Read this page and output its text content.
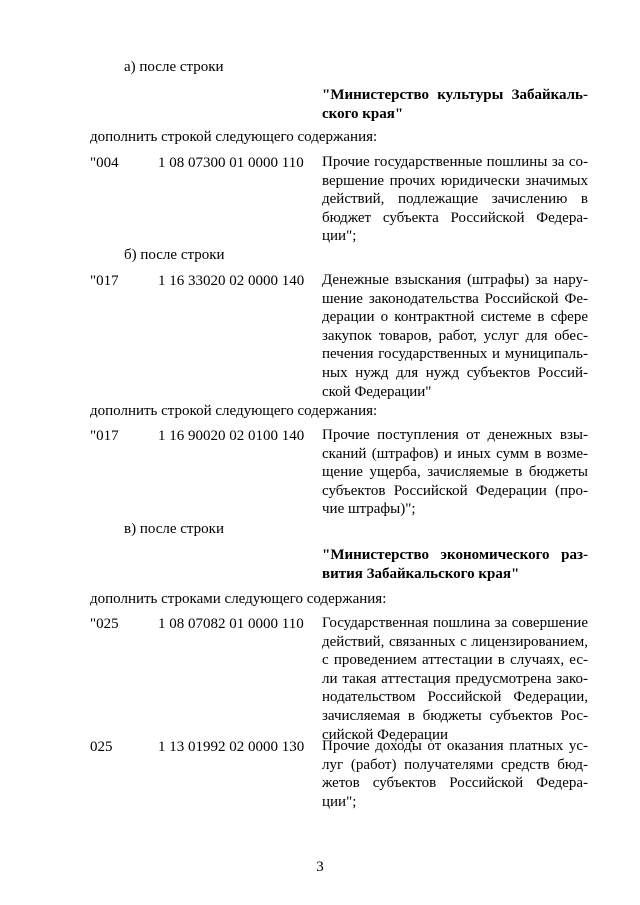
а) после строки
"Министерство культуры Забайкаль-ского края"
дополнить строкой следующего содержания:
"004	1 08 07300 01 0000 110 Прочие государственные пошлины за со-вершение прочих юридически значимых действий, подлежащие зачислению в бюджет субъекта Российской Федера-ции";
б) после строки
"017	1 16 33020 02 0000 140 Денежные взыскания (штрафы) за нару-шение законодательства Российской Фе-дерации о контрактной системе в сфере закупок товаров, работ, услуг для обес-печения государственных и муниципаль-ных нужд для нужд субъектов Россий-ской Федерации"
дополнить строкой следующего содержания:
"017	1 16 90020 02 0100 140 Прочие поступления от денежных взы-сканий (штрафов) и иных сумм в возме-щение ущерба, зачисляемые в бюджеты субъектов Российской Федерации (про-чие штрафы)";
в) после строки
"Министерство экономического раз-вития Забайкальского края"
дополнить строками следующего содержания:
"025	1 08 07082 01 0000 110 Государственная пошлина за совершение действий, связанных с лицензированием, с проведением аттестации в случаях, ес-ли такая аттестация предусмотрена зако-нодательством Российской Федерации, зачисляемая в бюджеты субъектов Рос-сийской Федерации
025	1 13 01992 02 0000 130 Прочие доходы от оказания платных ус-луг (работ) получателями средств бюд-жетов субъектов Российской Федера-ции";
3
